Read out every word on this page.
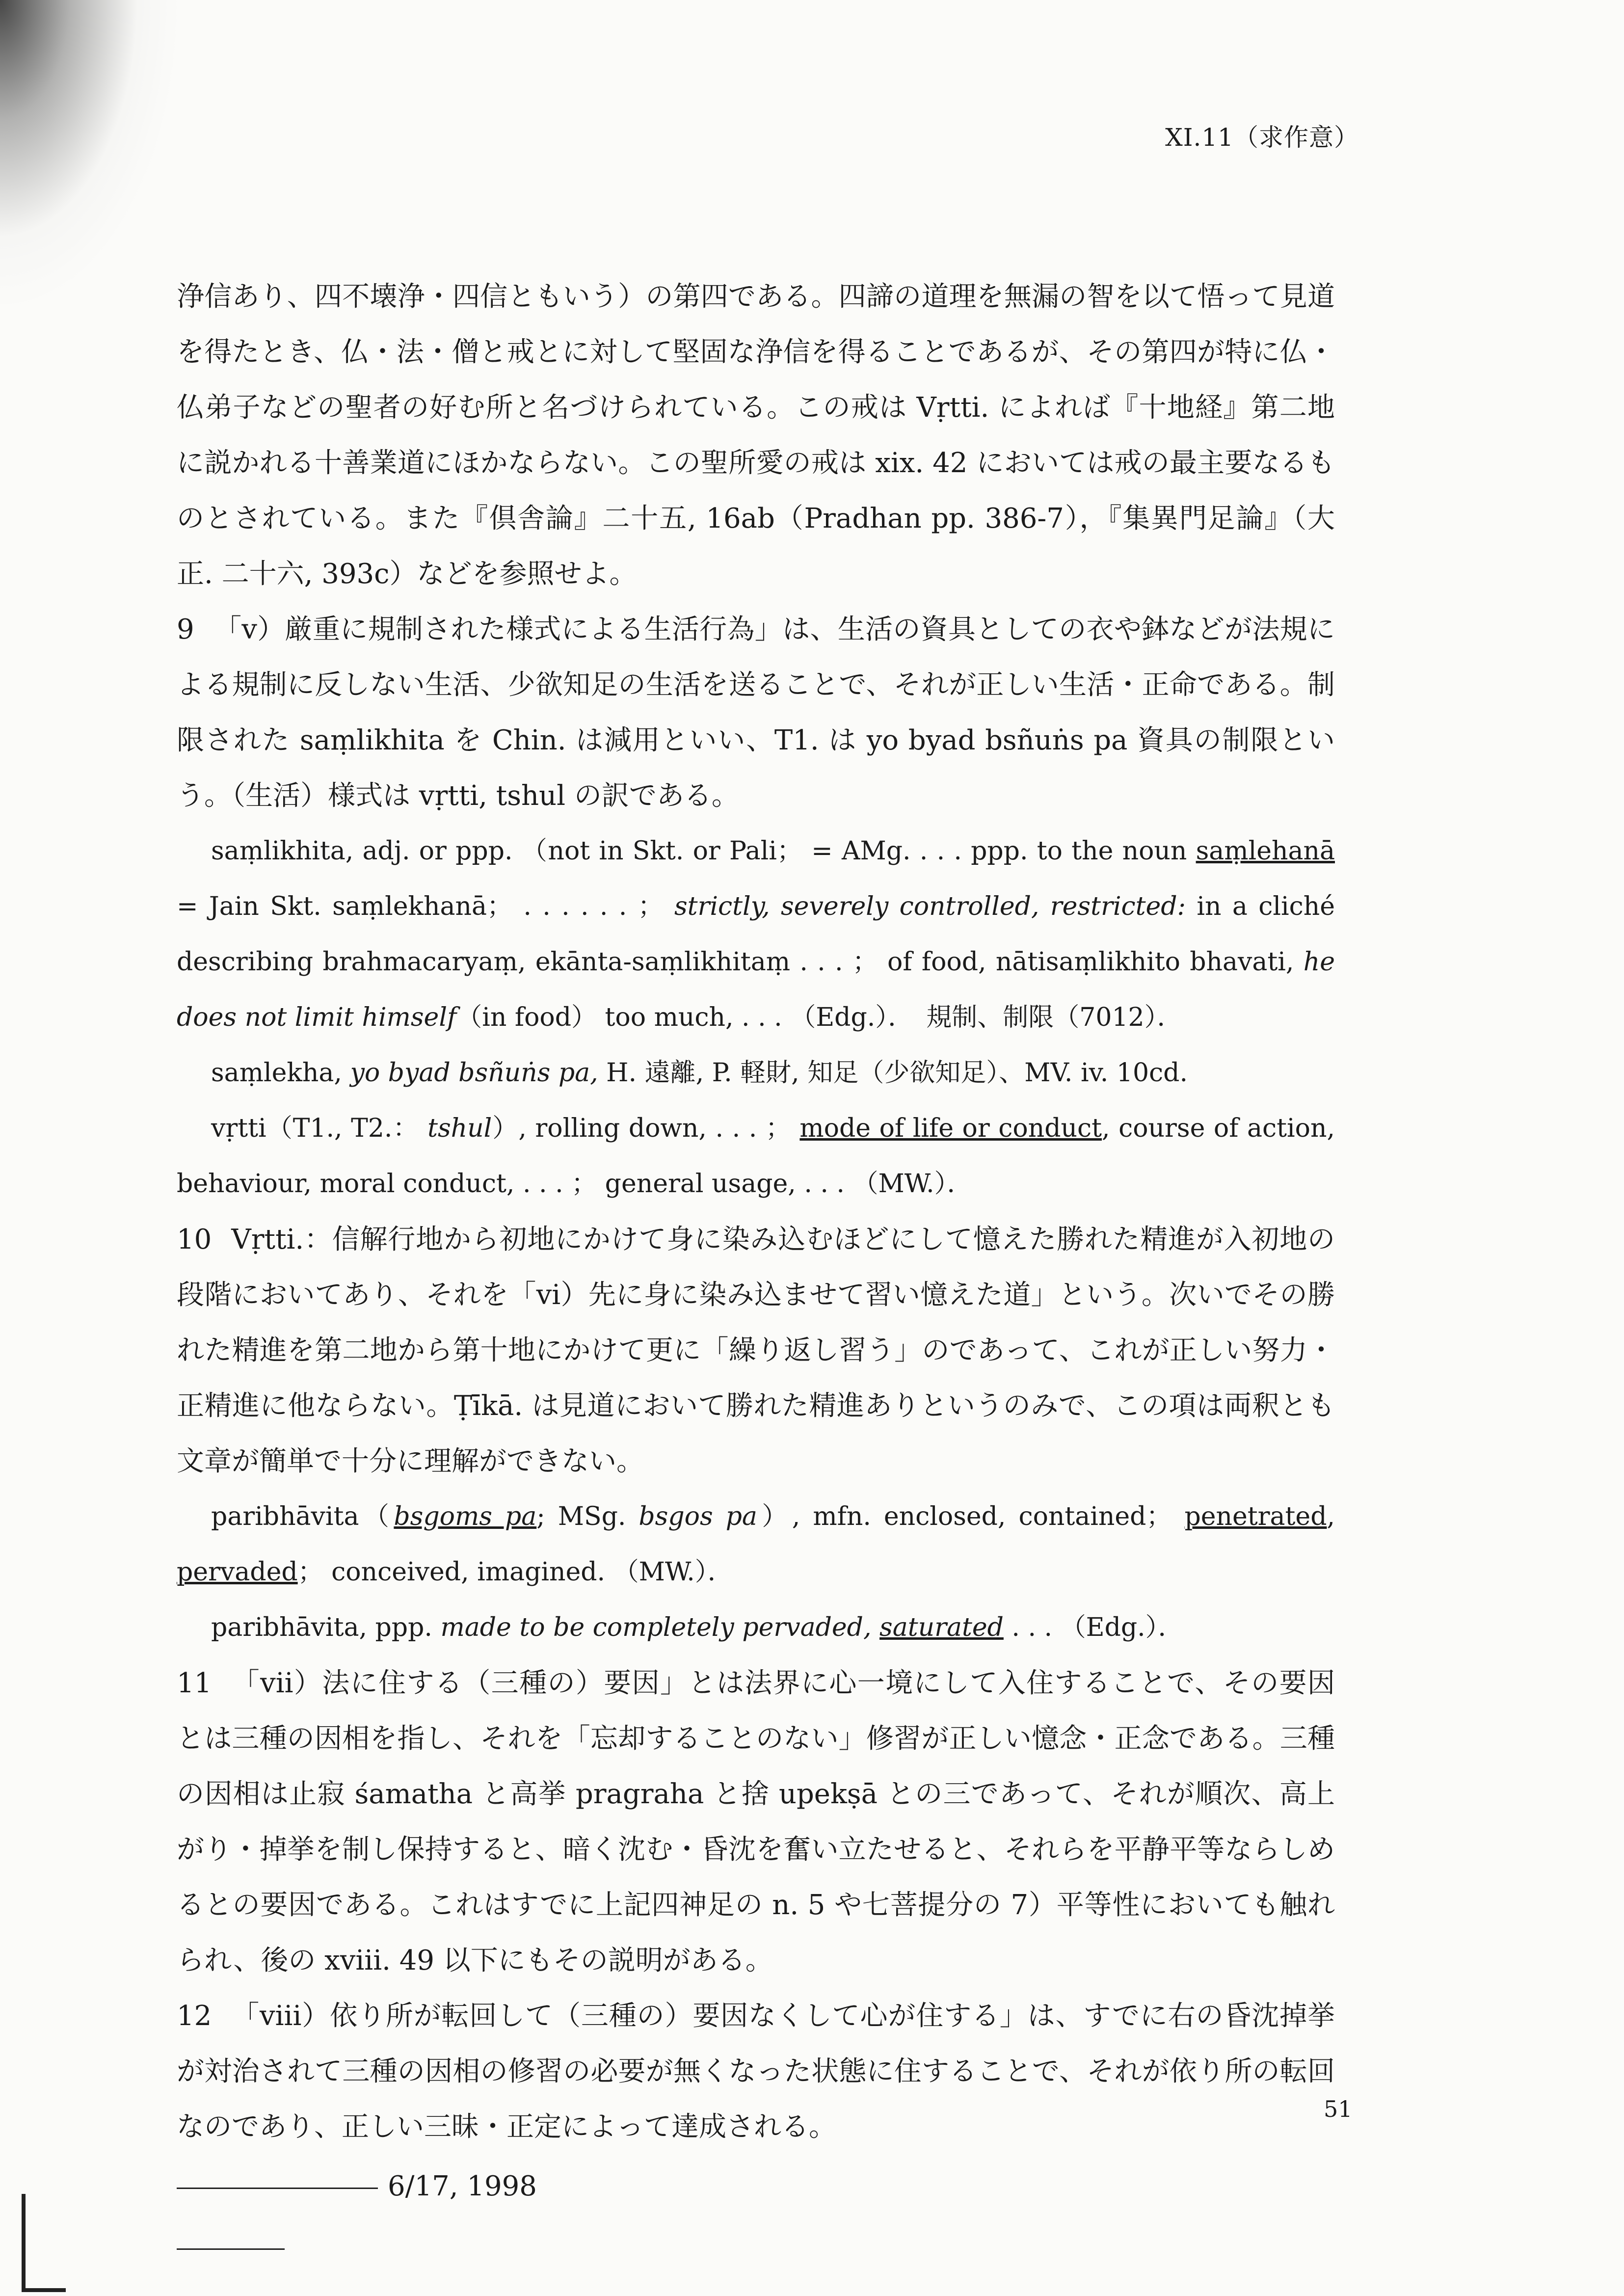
XI.11（求作意）

浄信あり、四不壊浄・四信ともいう）の第四である。四諦の道理を無漏の智を以て悟って見道を得たとき、仏・法・僧と戒とに対して堅固な浄信を得ることであるが、その第四が特に仏・仏弟子などの聖者の好む所と名づけられている。この戒は Vṛtti. によれば『十地経』第二地に説かれる十善業道にほかならない。この聖所愛の戒は xix. 42 においては戒の最主要なるものとされている。また『倶舎論』二十五, 16ab（Pradhan pp. 386-7），『集異門足論』（大正. 二十六, 393c）などを参照せよ。

9 「v）厳重に規制された様式による生活行為」は、生活の資具としての衣や鉢などが法規による規制に反しない生活、少欲知足の生活を送ることで、それが正しい生活・正命である。制限された saṃlikhita を Chin. は減用といい、T1. は yo byad bsñuṅs pa 資具の制限という。（生活）様式は vṛtti, tshul の訳である。

saṃlikhita, adj. or ppp. （not in Skt. or Pali； = AMg. . . . ppp. to the noun saṃlehanā = Jain Skt. saṃlekhanā； . . . . . . ； strictly, severely controlled, restricted: in a cliché describing brahmacaryaṃ, ekānta-saṃlikhitaṃ . . . ； of food, nātisaṃlikhito bhavati, he does not limit himself（in food） too much, . . . （Edg.）．　規制、制限（7012）．

saṃlekha, yo byad bsñuṅs pa, H. 遠離, P. 軽財, 知足（少欲知足）、MV. iv. 10cd.

vṛtti（T1., T2.： tshul）, rolling down, . . . ； mode of life or conduct, course of action, behaviour, moral conduct, . . . ； general usage, . . . （MW.）．

10 Vṛtti.：信解行地から初地にかけて身に染み込むほどにして憶えた勝れた精進が入初地の段階においてあり、それを「vi）先に身に染み込ませて習い憶えた道」という。次いでその勝れた精進を第二地から第十地にかけて更に「繰り返し習う」のであって、これが正しい努力・正精進に他ならない。Ṭīkā. は見道において勝れた精進ありというのみで、この項は両釈とも文章が簡単で十分に理解ができない。

paribhāvita（bsgoms pa; MSg. bsgos pa）, mfn. enclosed, contained； penetrated, pervaded； conceived, imagined. （MW.）．

paribhāvita, ppp. made to be completely pervaded, saturated . . . （Edg.）．

11 「vii）法に住する（三種の）要因」とは法界に心一境にして入住することで、その要因とは三種の因相を指し、それを「忘却することのない」修習が正しい憶念・正念である。三種の因相は止寂 śamatha と高挙 pragraha と捨 upekṣā との三であって、それが順次、高上がり・掉挙を制し保持すると、暗く沈む・昏沈を奮い立たせると、それらを平静平等ならしめるとの要因である。これはすでに上記四神足の n. 5 や七菩提分の 7）平等性においても触れられ、後の xviii. 49 以下にもその説明がある。

12 「viii）依り所が転回して（三種の）要因なくして心が住する」は、すでに右の昏沈掉挙が対治されて三種の因相の修習の必要が無くなった状態に住することで、それが依り所の転回なのであり、正しい三昧・正定によって達成される。

6/17, 1998

51
